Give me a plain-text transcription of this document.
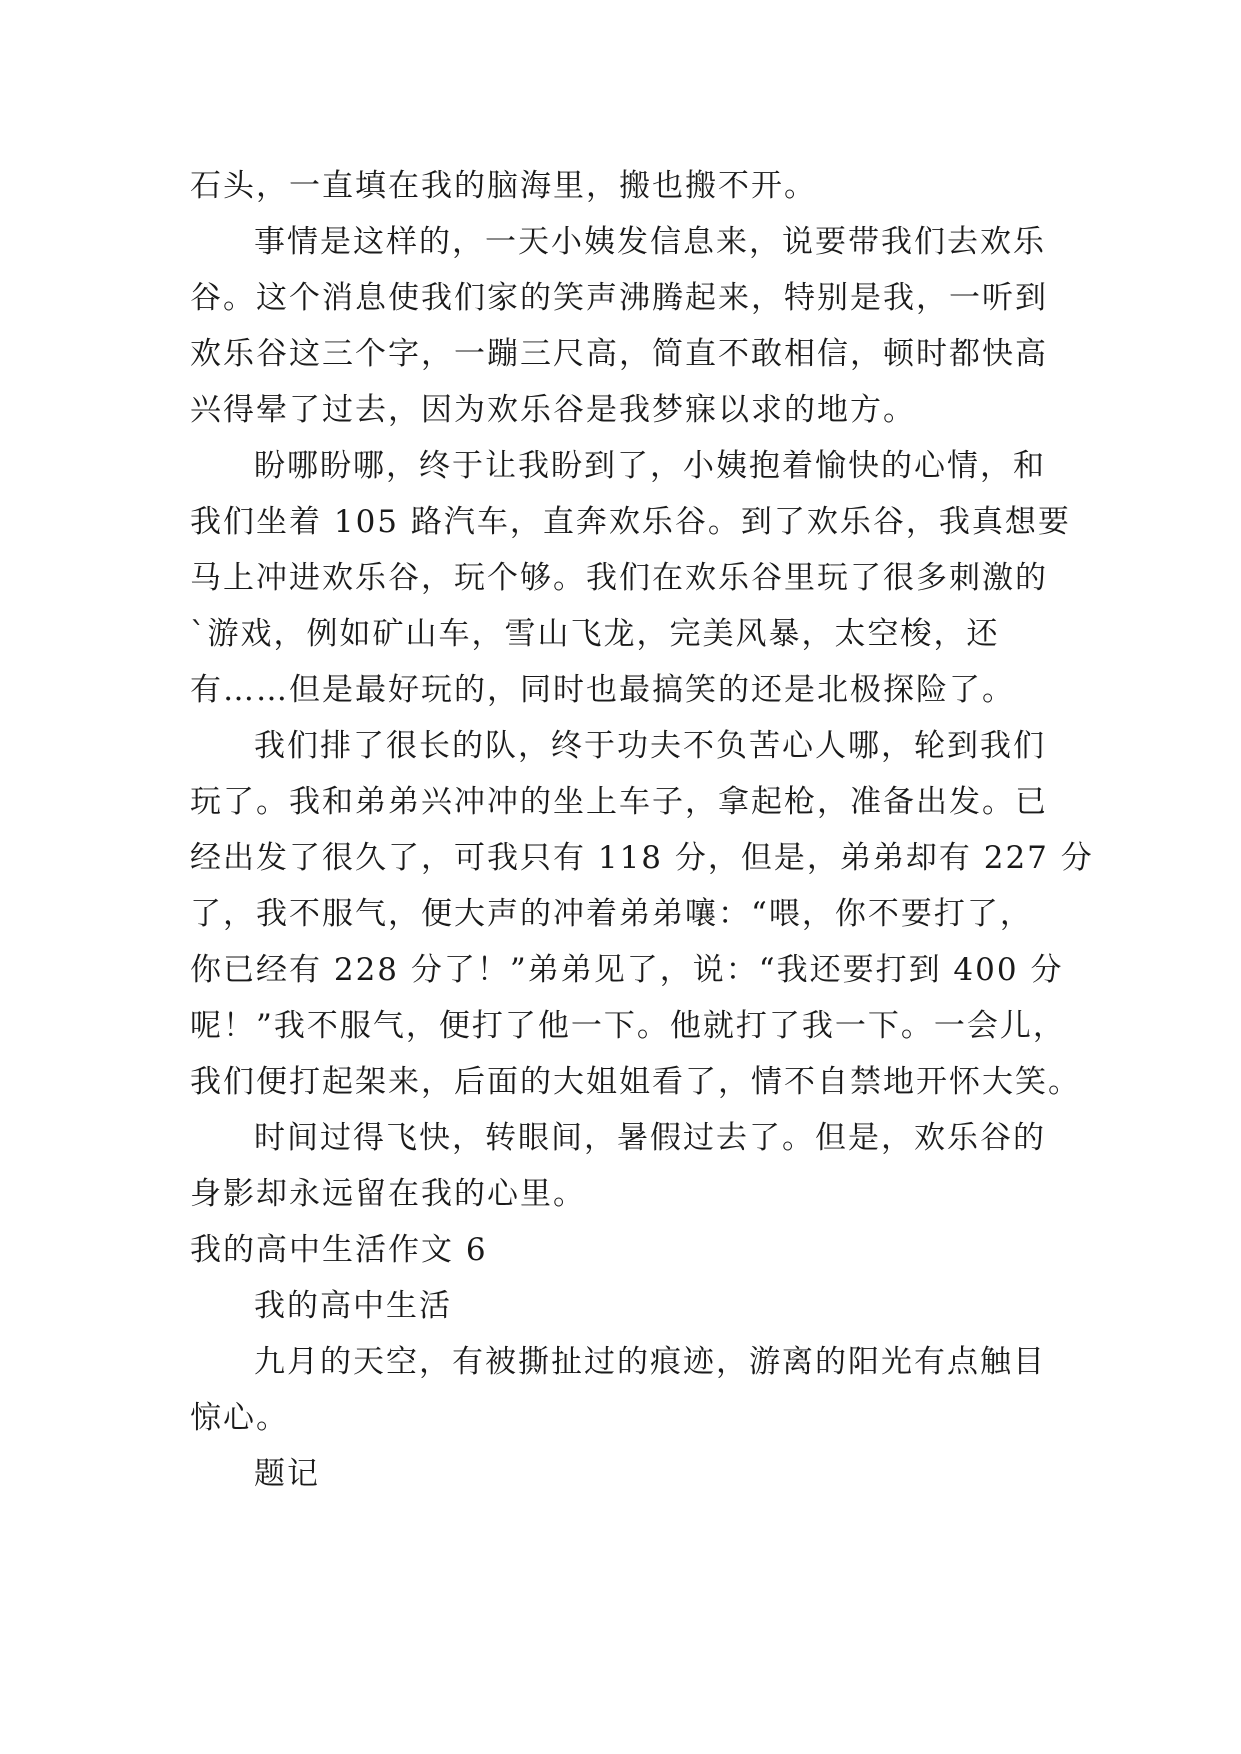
石头，一直填在我的脑海里，搬也搬不开。
事情是这样的，一天小姨发信息来，说要带我们去欢乐
谷。这个消息使我们家的笑声沸腾起来，特别是我，一听到
欢乐谷这三个字，一蹦三尺高，简直不敢相信，顿时都快高
兴得晕了过去，因为欢乐谷是我梦寐以求的地方。
盼哪盼哪，终于让我盼到了，小姨抱着愉快的心情，和
我们坐着 105 路汽车，直奔欢乐谷。到了欢乐谷，我真想要
马上冲进欢乐谷，玩个够。我们在欢乐谷里玩了很多刺激的
`游戏，例如矿山车，雪山飞龙，完美风暴，太空梭，还
有……但是最好玩的，同时也最搞笑的还是北极探险了。
我们排了很长的队，终于功夫不负苦心人哪，轮到我们
玩了。我和弟弟兴冲冲的坐上车子，拿起枪，准备出发。已
经出发了很久了，可我只有 118 分，但是，弟弟却有 227 分
了，我不服气，便大声的冲着弟弟嚷：“喂，你不要打了，
你已经有 228 分了！”弟弟见了，说：“我还要打到 400 分
呢！”我不服气，便打了他一下。他就打了我一下。一会儿，
我们便打起架来，后面的大姐姐看了，情不自禁地开怀大笑。
时间过得飞快，转眼间，暑假过去了。但是，欢乐谷的
身影却永远留在我的心里。
我的高中生活作文 6
我的高中生活
九月的天空，有被撕扯过的痕迹，游离的阳光有点触目
惊心。
题记
